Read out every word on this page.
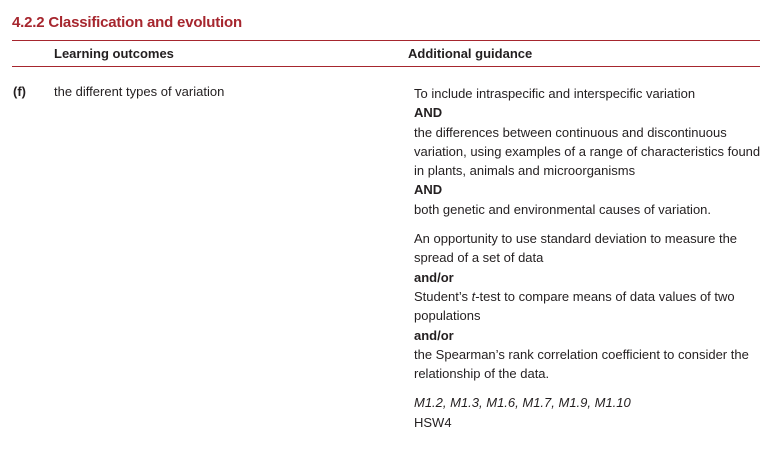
4.2.2 Classification and evolution
Learning outcomes	Additional guidance
(f) the different types of variation	To include intraspecific and interspecific variation

AND

the differences between continuous and discontinuous variation, using examples of a range of characteristics found in plants, animals and microorganisms

AND

both genetic and environmental causes of variation.

An opportunity to use standard deviation to measure the spread of a set of data

and/or

Student’s t-test to compare means of data values of two populations

and/or

the Spearman’s rank correlation coefficient to consider the relationship of the data.

M1.2, M1.3, M1.6, M1.7, M1.9, M1.10

HSW4
